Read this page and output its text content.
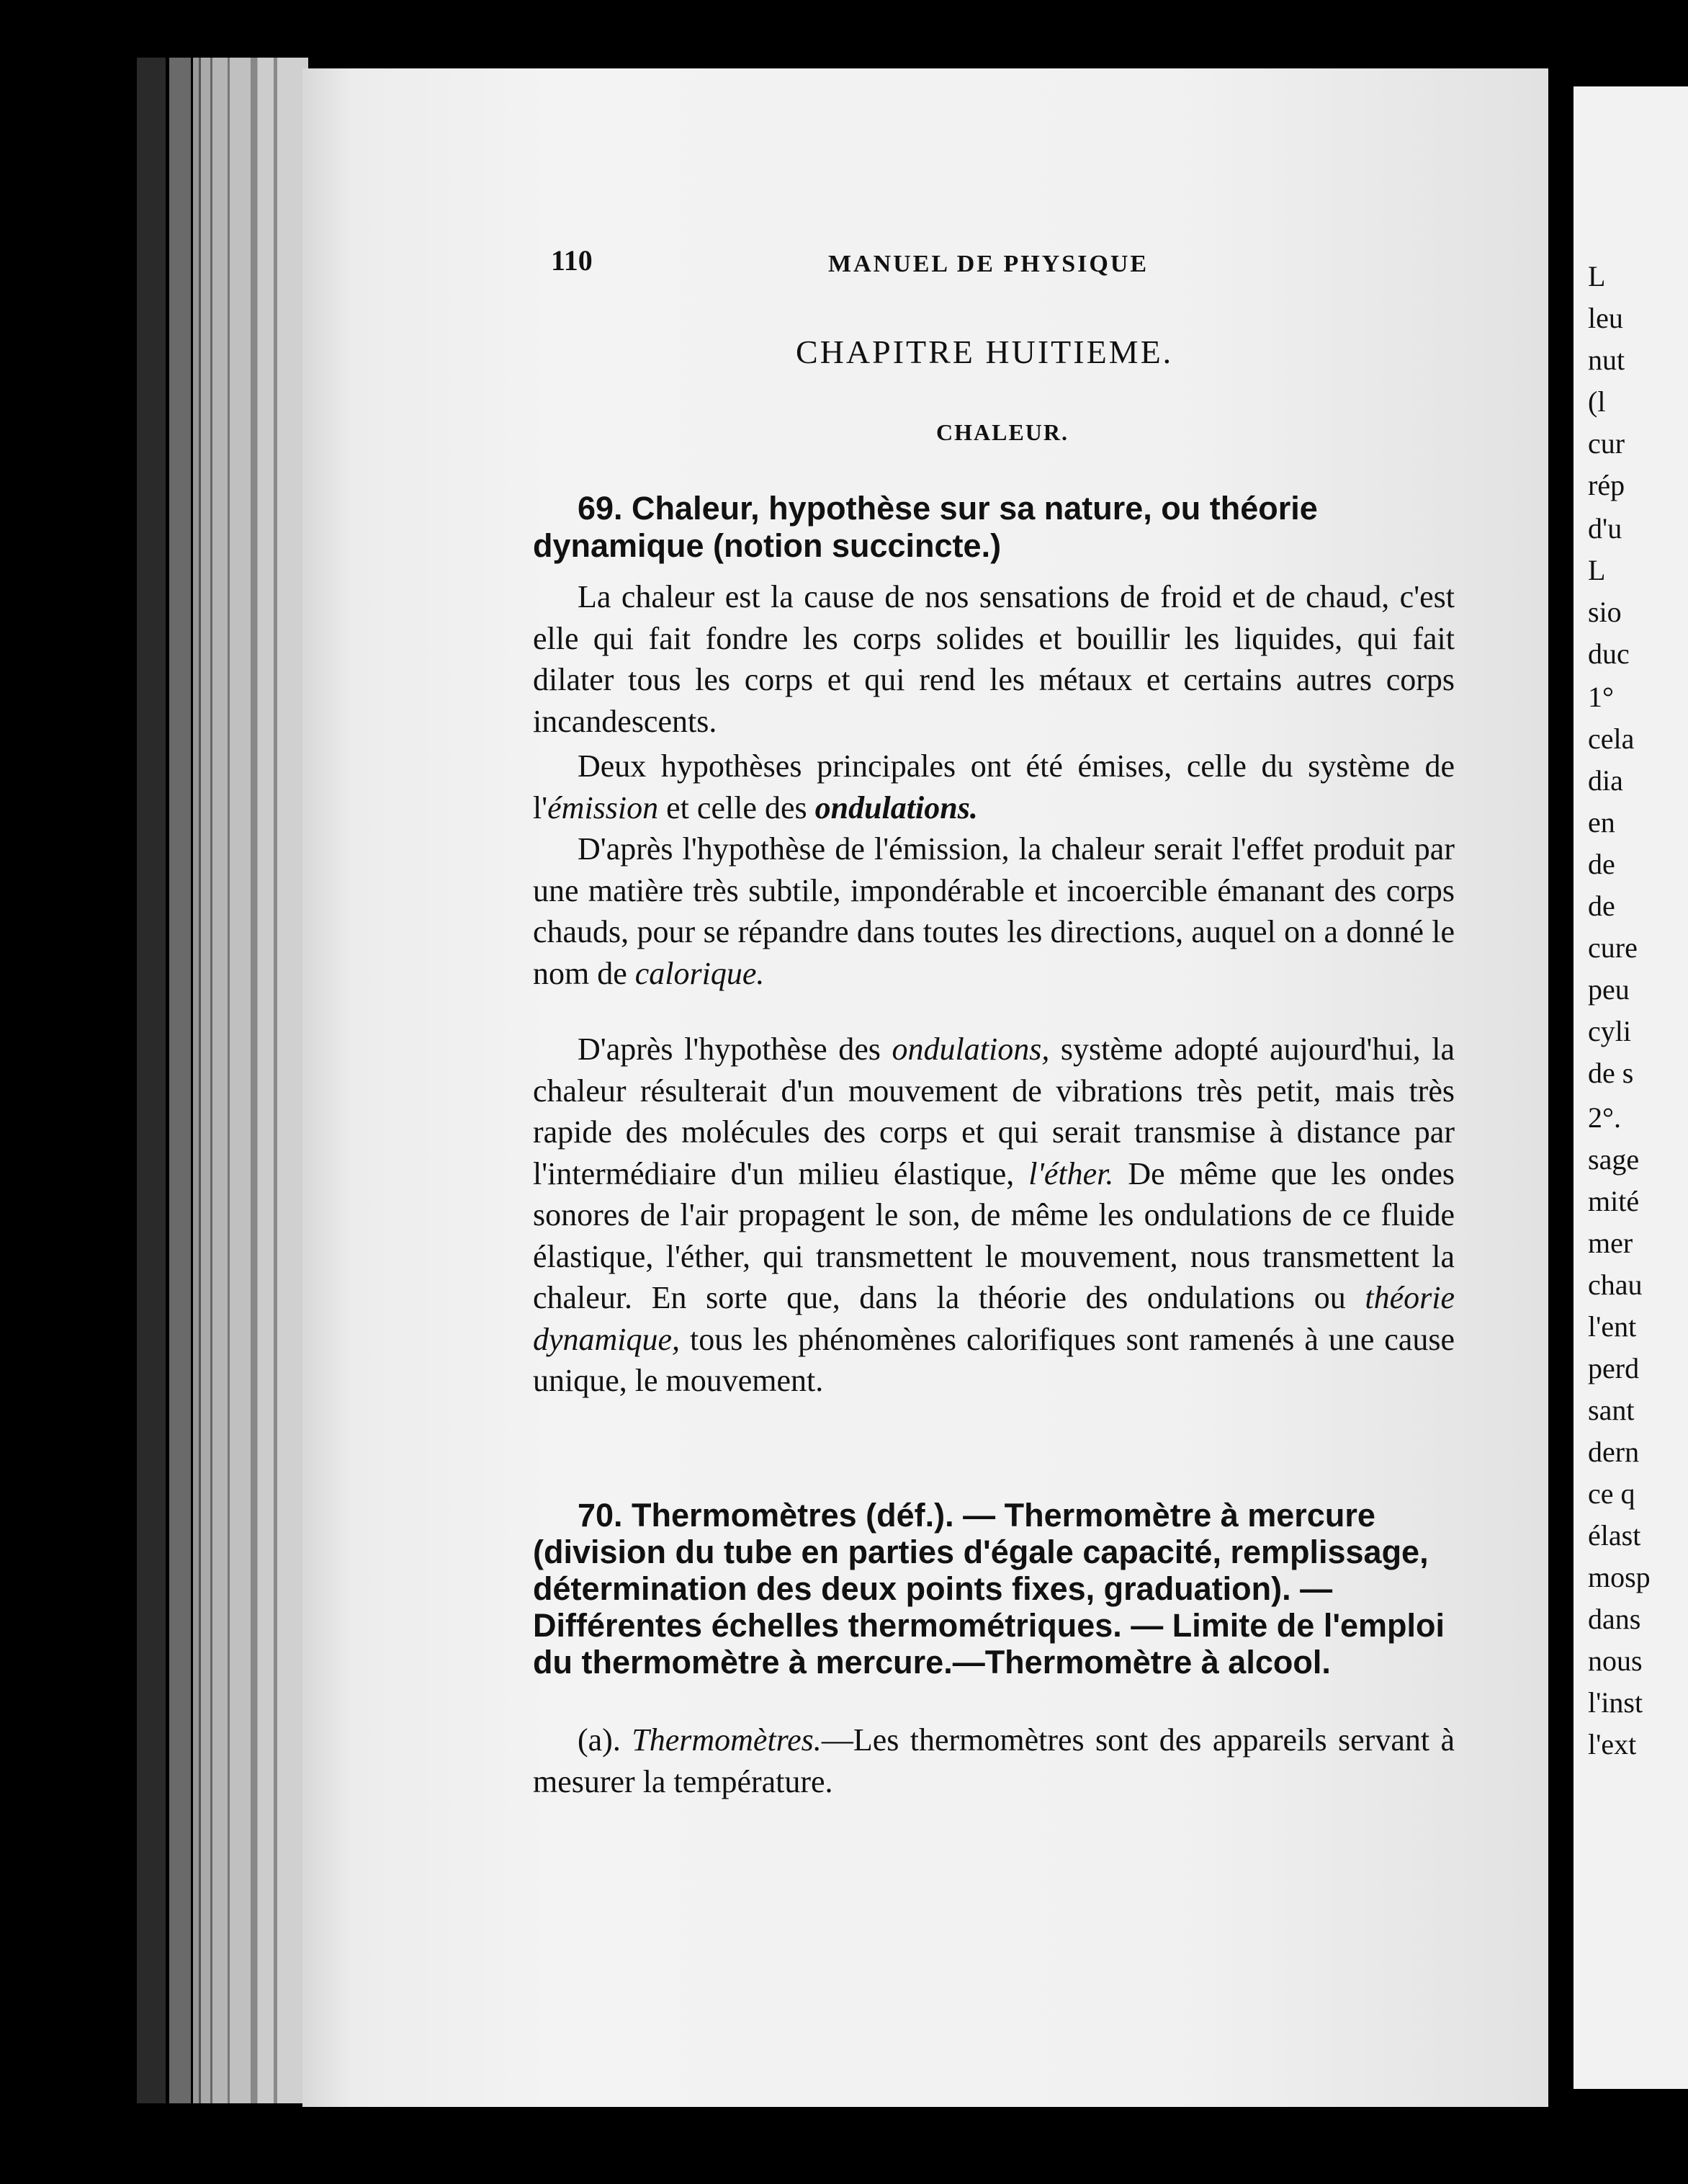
L
leu
nut
(l
cur
rép
d'u
L
sio
duc
1°
cela
dia
en
de
de
cure
peu
cyli
de s
2°.
sage
mité
mer
chau
l'ent
perd
sant
dern
ce q
élast
mosp
dans
nous
l'inst
l'ext
110	MANUEL DE PHYSIQUE
CHAPITRE HUITIEME.
CHALEUR.

69. Chaleur, hypothèse sur sa nature, ou théorie dynamique (notion succincte.)

La chaleur est la cause de nos sensations de froid et de chaud, c'est elle qui fait fondre les corps solides et bouillir les liquides, qui fait dilater tous les corps et qui rend les métaux et certains autres corps incandescents.

Deux hypothèses principales ont été émises, celle du système de l'émission et celle des ondulations.

D'après l'hypothèse de l'émission, la chaleur serait l'effet produit par une matière très subtile, impondérable et incoercible émanant des corps chauds, pour se répandre dans toutes les directions, auquel on a donné le nom de calorique.

D'après l'hypothèse des ondulations, système adopté aujourd'hui, la chaleur résulterait d'un mouvement de vibrations très petit, mais très rapide des molécules des corps et qui serait transmise à distance par l'intermédiaire d'un milieu élastique, l'éther. De même que les ondes sonores de l'air propagent le son, de même les ondulations de ce fluide élastique, l'éther, qui transmettent le mouvement, nous transmettent la chaleur. En sorte que, dans la théorie des ondulations ou théorie dynamique, tous les phénomènes calorifiques sont ramenés à une cause unique, le mouvement.

70. Thermomètres (déf.). — Thermomètre à mercure (division du tube en parties d'égale capacité, remplissage, détermination des deux points fixes, graduation). — Différentes échelles thermométriques. — Limite de l'emploi du thermomètre à mercure.—Thermomètre à alcool.

(a). Thermomètres.—Les thermomètres sont des appareils servant à mesurer la température.
